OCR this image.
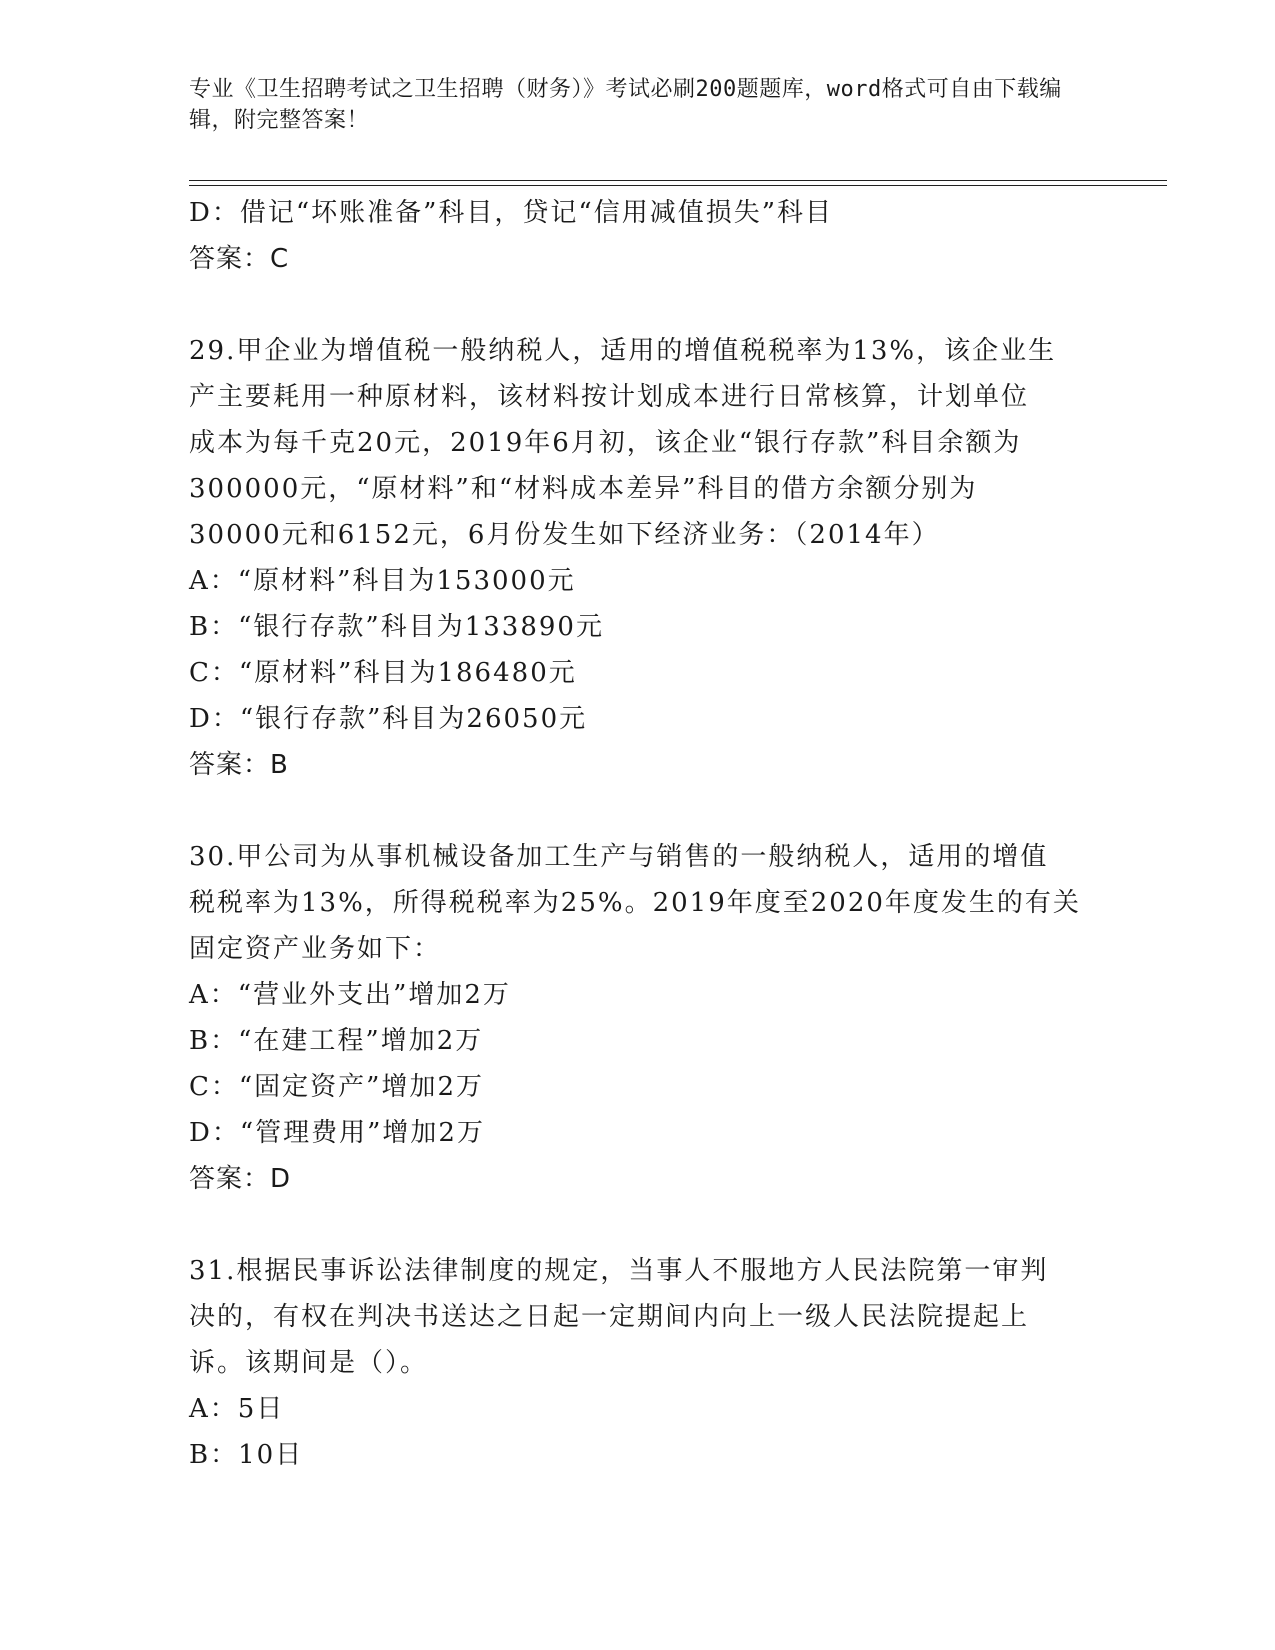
专业《卫生招聘考试之卫生招聘（财务）》考试必刷200题题库，word格式可自由下载编辑，附完整答案！
D：借记“坏账准备”科目，贷记“信用减值损失”科目
答案：C
29.甲企业为增值税一般纳税人，适用的增值税税率为13%，该企业生
产主要耗用一种原材料，该材料按计划成本进行日常核算，计划单位
成本为每千克20元，2019年6月初，该企业“银行存款”科目余额为
300000元，“原材料”和“材料成本差异”科目的借方余额分别为
30000元和6152元，6月份发生如下经济业务：（2014年）
A：“原材料”科目为153000元
B：“银行存款”科目为133890元
C：“原材料”科目为186480元
D：“银行存款”科目为26050元
答案：B
30.甲公司为从事机械设备加工生产与销售的一般纳税人，适用的增值
税税率为13%，所得税税率为25%。2019年度至2020年度发生的有关
固定资产业务如下：
A：“营业外支出”增加2万
B：“在建工程”增加2万
C：“固定资产”增加2万
D：“管理费用”增加2万
答案：D
31.根据民事诉讼法律制度的规定，当事人不服地方人民法院第一审判
决的，有权在判决书送达之日起一定期间内向上一级人民法院提起上
诉。该期间是（）。
A：5日
B：10日
